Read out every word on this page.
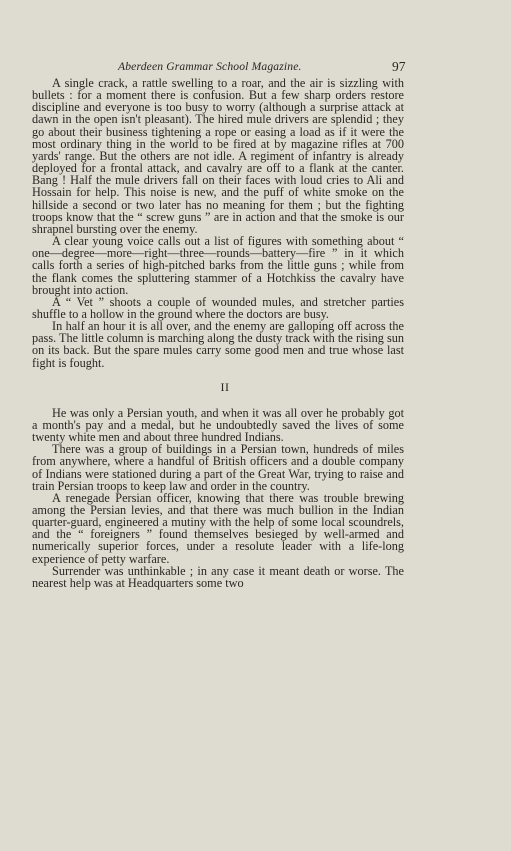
Aberdeen Grammar School Magazine.	97

A single crack, a rattle swelling to a roar, and the air is sizzling with bullets : for a moment there is confusion. But a few sharp orders restore discipline and everyone is too busy to worry (although a surprise attack at dawn in the open isn't pleasant). The hired mule drivers are splendid ; they go about their business tightening a rope or easing a load as if it were the most ordinary thing in the world to be fired at by magazine rifles at 700 yards' range. But the others are not idle. A regiment of infantry is already deployed for a frontal attack, and cavalry are off to a flank at the canter. Bang ! Half the mule drivers fall on their faces with loud cries to Ali and Hossain for help. This noise is new, and the puff of white smoke on the hillside a second or two later has no meaning for them ; but the fighting troops know that the “ screw guns ” are in action and that the smoke is our shrapnel bursting over the enemy.

A clear young voice calls out a list of figures with something about “ one—degree—more—right—three—rounds—battery—fire ” in it which calls forth a series of high-pitched barks from the little guns ; while from the flank comes the spluttering stammer of a Hotchkiss the cavalry have brought into action.

A “ Vet ” shoots a couple of wounded mules, and stretcher parties shuffle to a hollow in the ground where the doctors are busy.

In half an hour it is all over, and the enemy are galloping off across the pass. The little column is marching along the dusty track with the rising sun on its back. But the spare mules carry some good men and true whose last fight is fought.

II

He was only a Persian youth, and when it was all over he probably got a month's pay and a medal, but he undoubtedly saved the lives of some twenty white men and about three hundred Indians.

There was a group of buildings in a Persian town, hundreds of miles from anywhere, where a handful of British officers and a double company of Indians were stationed during a part of the Great War, trying to raise and train Persian troops to keep law and order in the country.

A renegade Persian officer, knowing that there was trouble brewing among the Persian levies, and that there was much bullion in the Indian quarter-guard, engineered a mutiny with the help of some local scoundrels, and the “ foreigners ” found themselves besieged by well-armed and numerically superior forces, under a resolute leader with a life-long experience of petty warfare.

Surrender was unthinkable ; in any case it meant death or worse. The nearest help was at Headquarters some two
